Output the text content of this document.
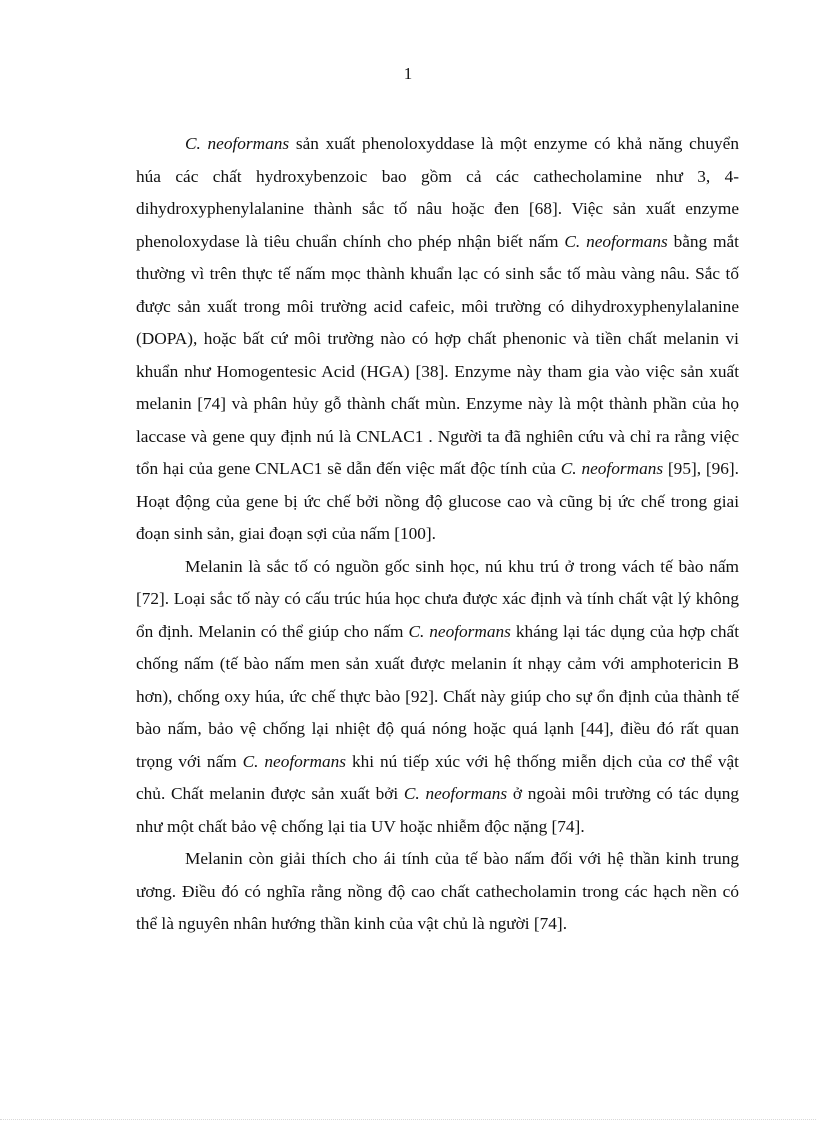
1

C. neoformans sản xuất phenoloxyddase là một enzyme có khả năng chuyển húa các chất hydroxybenzoic bao gồm cả các cathecholamine như 3, 4-dihydroxyphenylalanine thành sắc tố nâu hoặc đen [68]. Việc sản xuất enzyme phenoloxydase là tiêu chuẩn chính cho phép nhận biết nấm C. neoformans bằng mắt thường vì trên thực tế nấm mọc thành khuẩn lạc có sinh sắc tố màu vàng nâu. Sắc tố được sản xuất trong môi trường acid cafeic, môi trường có dihydroxyphenylalanine (DOPA), hoặc bất cứ môi trường nào có hợp chất phenonic và tiền chất melanin vi khuẩn như Homogentesic Acid (HGA) [38]. Enzyme này tham gia vào việc sản xuất melanin [74] và phân hủy gỗ thành chất mùn. Enzyme này là một thành phần của họ laccase và gene quy định nú là CNLAC1 . Người ta đã nghiên cứu và chỉ ra rằng việc tổn hại của gene CNLAC1 sẽ dẫn đến việc mất độc tính của C. neoformans [95], [96]. Hoạt động của gene bị ức chế bởi nồng độ glucose cao và cũng bị ức chế trong giai đoạn sinh sản, giai đoạn sợi của nấm [100].

Melanin là sắc tố có nguồn gốc sinh học, nú khu trú ở trong vách tế bào nấm [72]. Loại sắc tố này có cấu trúc húa học chưa được xác định và tính chất vật lý không ổn định. Melanin có thể giúp cho nấm C. neoformans kháng lại tác dụng của hợp chất chống nấm (tế bào nấm men sản xuất được melanin ít nhạy cảm với amphotericin B hơn), chống oxy húa, ức chế thực bào [92]. Chất này giúp cho sự ổn định của thành tế bào nấm, bảo vệ chống lại nhiệt độ quá nóng hoặc quá lạnh [44], điều đó rất quan trọng với nấm C. neoformans khi nú tiếp xúc với hệ thống miễn dịch của cơ thể vật chủ. Chất melanin được sản xuất bởi C. neoformans ở ngoài môi trường có tác dụng như một chất bảo vệ chống lại tia UV hoặc nhiễm độc nặng [74].

Melanin còn giải thích cho ái tính của tế bào nấm đối với hệ thần kinh trung ương. Điều đó có nghĩa rằng nồng độ cao chất cathecholamin trong các hạch nền có thể là nguyên nhân hướng thần kinh của vật chủ là người [74].
